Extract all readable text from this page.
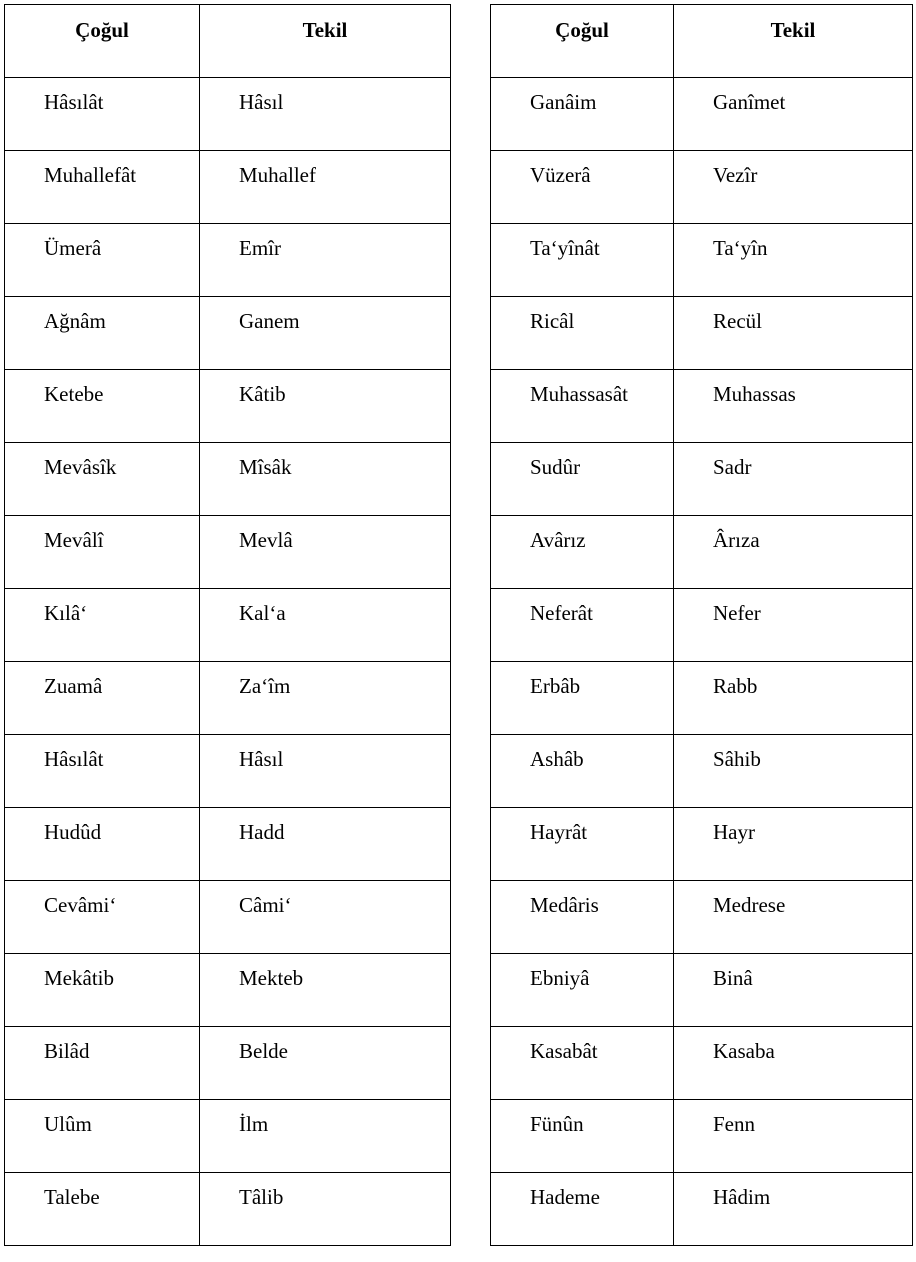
Çoğul	Tekil
Hâsılât	Hâsıl
Muhallefât	Muhallef
Ümerâ	Emîr
Ağnâm	Ganem
Ketebe	Kâtib
Mevâsîk	Mîsâk
Mevâlî	Mevlâ
Kılâ‘	Kal‘a
Zuamâ	Za‘îm
Hâsılât	Hâsıl
Hudûd	Hadd
Cevâmi‘	Câmi‘
Mekâtib	Mekteb
Bilâd	Belde
Ulûm	İlm
Talebe	Tâlib
Çoğul	Tekil
Ganâim	Ganîmet
Vüzerâ	Vezîr
Ta‘yînât	Ta‘yîn
Ricâl	Recül
Muhassasât	Muhassas
Sudûr	Sadr
Avârız	Ârıza
Neferât	Nefer
Erbâb	Rabb
Ashâb	Sâhib
Hayrât	Hayr
Medâris	Medrese
Ebniyâ	Binâ
Kasabât	Kasaba
Fünûn	Fenn
Hademe	Hâdim
